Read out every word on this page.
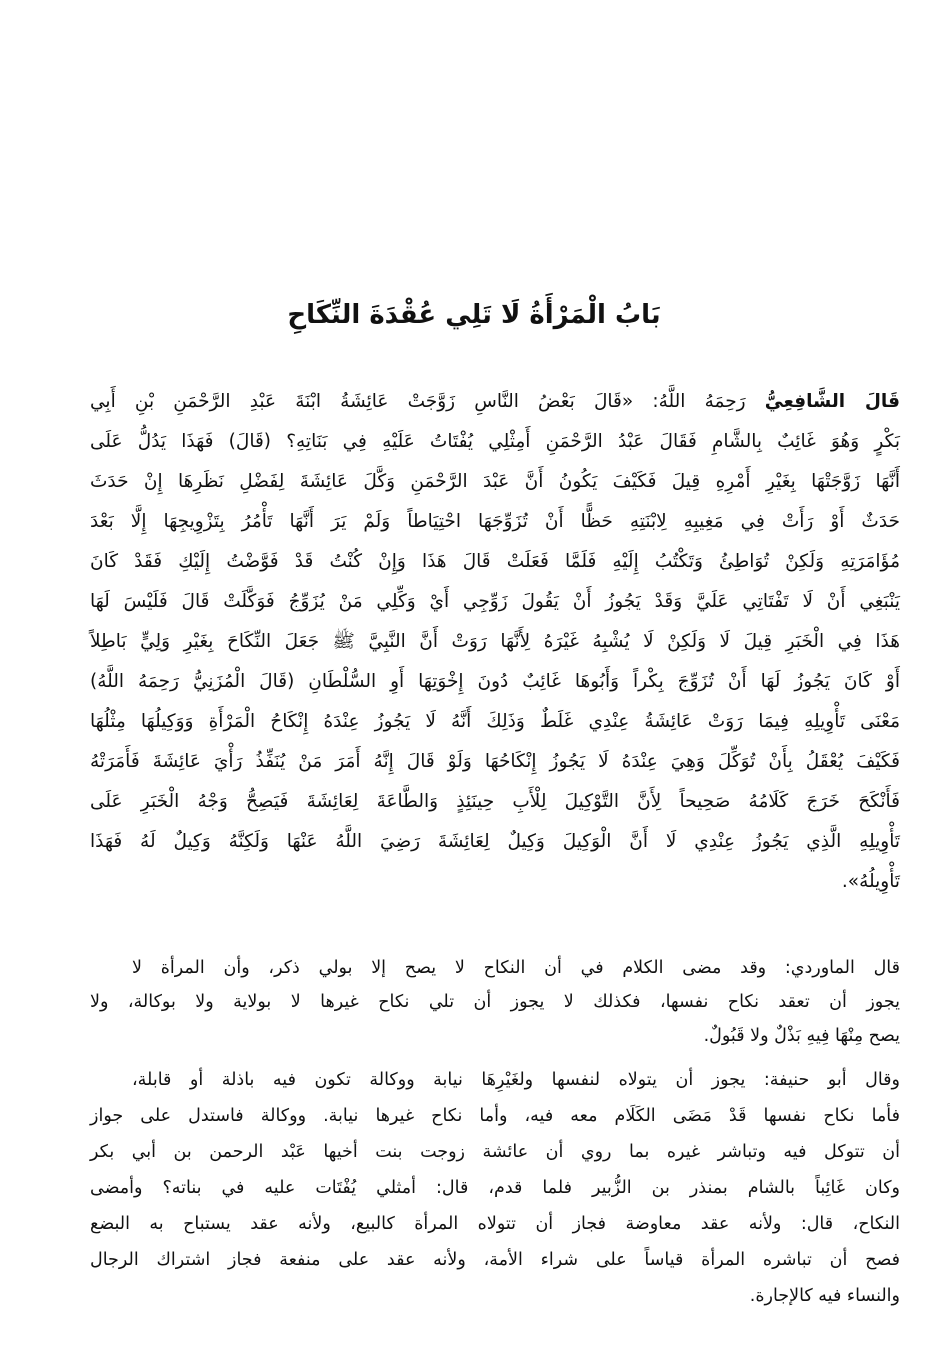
بَابُ الْمَرْأَةُ لَا تَلِي عُقْدَةَ النِّكَاحِ
قَالَ الشَّافِعِيُّ رَحِمَهُ اللَّهُ: «قَالَ بَعْضُ النَّاسِ زَوَّجَتْ عَائِشَةُ ابْنَةَ عَبْدِ الرَّحْمَنِ بْنِ أَبِي
بَكْرٍ وَهُوَ غَائِبٌ بِالشَّامِ فَقَالَ عَبْدُ الرَّحْمَنِ أَمِثْلِي يُفْتَاتُ عَلَيْهِ فِي بَنَاتِهِ؟ (قَالَ) فَهَذَا يَدُلُّ عَلَى
أَنَّهَا زَوَّجَتْهَا بِغَيْرِ أَمْرِهِ قِيلَ فَكَيْفَ يَكُونُ أَنَّ عَبْدَ الرَّحْمَنِ وَكَّلَ عَائِشَةَ لِفَضْلِ نَظَرِهَا إِنْ حَدَثَ
حَدَثٌ أَوْ رَأَتْ فِي مَغِيبِهِ لِابْنَتِهِ حَظًّا أَنْ تُزَوِّجَهَا احْتِيَاطاً وَلَمْ يَرَ أَنَّهَا تَأْمُرُ بِتَزْوِيجِهَا إِلَّا بَعْدَ
مُؤَامَرَتِهِ وَلَكِنْ تُوَاطِئُ وَتَكْتُبُ إِلَيْهِ فَلَمَّا فَعَلَتْ قَالَ هَذَا وَإِنْ كُنْتُ قَدْ فَوَّضْتُ إِلَيْكِ فَقَدْ كَانَ
يَنْبَغِي أَنْ لَا تَفْتَاتِي عَلَيَّ وَقَدْ يَجُوزُ أَنْ يَقُولَ زَوِّجِي أَيْ وَكِّلِي مَنْ يُزَوِّجُ فَوَكَّلَتْ قَالَ فَلَيْسَ لَهَا
هَذَا فِي الْخَبَرِ قِيلَ لَا وَلَكِنْ لَا يُشْبِهُ غَيْرَهُ لِأَنَّهَا رَوَتْ أَنَّ النَّبِيَّ ﷺ جَعَلَ النِّكَاحَ بِغَيْرِ وَلِيٍّ بَاطِلاً
أَوْ كَانَ يَجُوزُ لَهَا أَنْ تُزَوِّجَ بِكْراً وَأَبُوهَا غَائِبٌ دُونَ إِخْوَتِهَا أَوِ السُّلْطَانِ (قَالَ الْمُزَنِيُّ رَحِمَهُ اللَّهُ)
مَعْنَى تَأْوِيلِهِ فِيمَا رَوَتْ عَائِشَةُ عِنْدِي غَلَطٌ وَذَلِكَ أَنَّهُ لَا يَجُوزُ عِنْدَهُ إِنْكَاحُ الْمَرْأَةِ وَوَكِيلُهَا مِثْلُهَا
فَكَيْفَ يُعْقَلُ بِأَنْ تُوَكِّلَ وَهِيَ عِنْدَهُ لَا يَجُوزُ إِنْكَاحُهَا وَلَوْ قَالَ إِنَّهُ أَمَرَ مَنْ يُنَفِّذُ رَأْيَ عَائِشَةَ فَأَمَرَتْهُ
فَأَنْكَحَ خَرَجَ كَلَامُهُ صَحِيحاً لِأَنَّ التَّوْكِيلَ لِلْأَبِ حِينَئِذٍ وَالطَّاعَةَ لِعَائِشَةَ فَيَصِحُّ وَجْهُ الْخَبَرِ عَلَى
تَأْوِيلِهِ الَّذِي يَجُوزُ عِنْدِي لَا أَنَّ الْوَكِيلَ وَكِيلٌ لِعَائِشَةَ رَضِيَ اللَّهُ عَنْهَا وَلَكِنَّهُ وَكِيلٌ لَهُ فَهَذَا
تَأْوِيلُهُ».
قال الماوردي: وقد مضى الكلام في أن النكاح لا يصح إلا بولي ذكر، وأن المرأة لا
يجوز أن تعقد نكاح نفسها، فكذلك لا يجوز أن تلي نكاح غيرها لا بولاية ولا بوكالة، ولا
يصح مِنْهَا فِيهِ بَذْلٌ ولا قَبُولٌ.
وقال أبو حنيفة: يجوز أن يتولاه لنفسها ولغَيْرِهَا نيابة ووكالة تكون فيه باذلة أو قابلة،
فأما نكاح نفسها قَدْ مَضَى الكَلَام معه فيه، وأما نكاح غيرها نيابة. ووكالة فاستدل على جواز
أن تتوكل فيه وتباشر غيره بما روي أن عائشة زوجت بنت أخيها عَبْد الرحمن بن أبي بكر
وكان غَائِباً بالشام بمنذر بن الزُّبير فلما قدم، قال: أمثلي يُفْتَات عليه في بناته؟ وأمضى
النكاح، قال: ولأنه عقد معاوضة فجاز أن تتولاه المرأة كالبيع، ولأنه عقد يستباح به البضع
فصح أن تباشره المرأة قياساً على شراء الأمة، ولأنه عقد على منفعة فجاز اشتراك الرجال
والنساء فيه كالإجارة.
